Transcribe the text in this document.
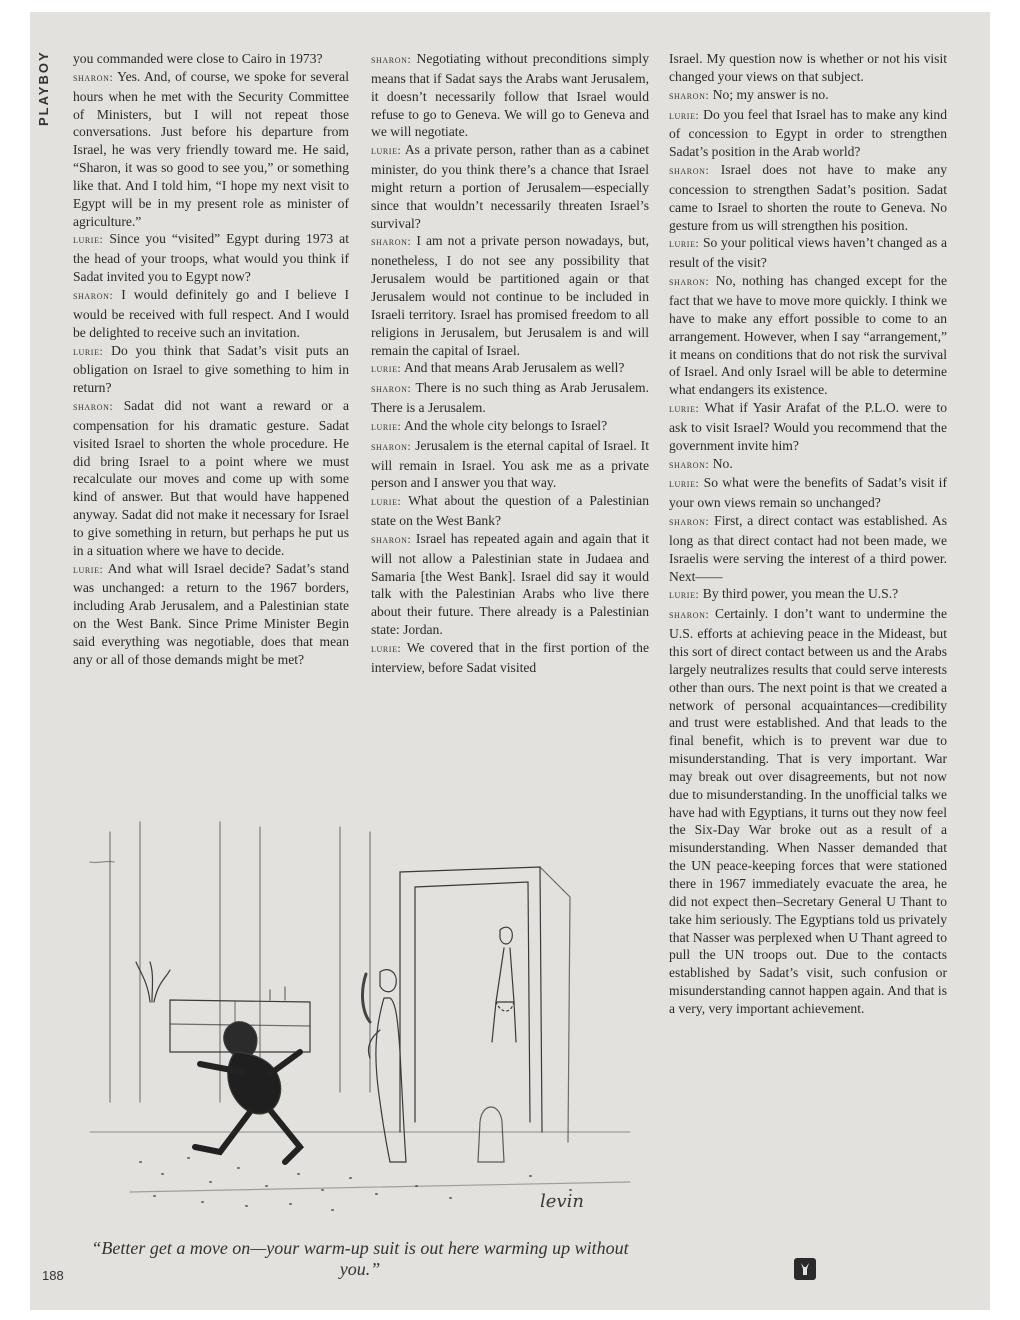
PLAYBOY	you commanded were close to Cairo in 1973?

sharon: Yes. And, of course, we spoke for several hours when he met with the Security Committee of Ministers, but I will not repeat those conversations. Just before his departure from Israel, he was very friendly toward me. He said, “Sharon, it was so good to see you,” or something like that. And I told him, “I hope my next visit to Egypt will be in my present role as minister of agriculture.”

lurie: Since you “visited” Egypt during 1973 at the head of your troops, what would you think if Sadat invited you to Egypt now?

sharon: I would definitely go and I believe I would be received with full respect. And I would be delighted to receive such an invitation.

lurie: Do you think that Sadat’s visit puts an obligation on Israel to give something to him in return?

sharon: Sadat did not want a reward or a compensation for his dramatic gesture. Sadat visited Israel to shorten the whole procedure. He did bring Israel to a point where we must recalculate our moves and come up with some kind of answer. But that would have happened anyway. Sadat did not make it necessary for Israel to give something in return, but perhaps he put us in a situation where we have to decide.

lurie: And what will Israel decide? Sadat’s stand was unchanged: a return to the 1967 borders, including Arab Jerusalem, and a Palestinian state on the West Bank. Since Prime Minister Begin said everything was negotiable, does that mean any or all of those demands might be met?

sharon: Negotiating without preconditions simply means that if Sadat says the Arabs want Jerusalem, it doesn’t necessarily follow that Israel would refuse to go to Geneva. We will go to Geneva and we will negotiate.

lurie: As a private person, rather than as a cabinet minister, do you think there’s a chance that Israel might return a portion of Jerusalem—especially since that wouldn’t necessarily threaten Israel’s survival?

sharon: I am not a private person nowadays, but, nonetheless, I do not see any possibility that Jerusalem would be partitioned again or that Jerusalem would not continue to be included in Israeli territory. Israel has promised freedom to all religions in Jerusalem, but Jerusalem is and will remain the capital of Israel.

lurie: And that means Arab Jerusalem as well?

sharon: There is no such thing as Arab Jerusalem. There is a Jerusalem.

lurie: And the whole city belongs to Israel?

sharon: Jerusalem is the eternal capital of Israel. It will remain in Israel. You ask me as a private person and I answer you that way.

lurie: What about the question of a Palestinian state on the West Bank?

sharon: Israel has repeated again and again that it will not allow a Palestinian state in Judaea and Samaria [the West Bank]. Israel did say it would talk with the Palestinian Arabs who live there about their future. There already is a Palestinian state: Jordan.

lurie: We covered that in the first portion of the interview, before Sadat visited

Israel. My question now is whether or not his visit changed your views on that subject.

sharon: No; my answer is no.

lurie: Do you feel that Israel has to make any kind of concession to Egypt in order to strengthen Sadat’s position in the Arab world?

sharon: Israel does not have to make any concession to strengthen Sadat’s position. Sadat came to Israel to shorten the route to Geneva. No gesture from us will strengthen his position.

lurie: So your political views haven’t changed as a result of the visit?

sharon: No, nothing has changed except for the fact that we have to move more quickly. I think we have to make any effort possible to come to an arrangement. However, when I say “arrangement,” it means on conditions that do not risk the survival of Israel. And only Israel will be able to determine what endangers its existence.

lurie: What if Yasir Arafat of the P.L.O. were to ask to visit Israel? Would you recommend that the government invite him?

sharon: No.

lurie: So what were the benefits of Sadat’s visit if your own views remain so unchanged?

sharon: First, a direct contact was established. As long as that direct contact had not been made, we Israelis were serving the interest of a third power. Next——

lurie: By third power, you mean the U.S.?

sharon: Certainly. I don’t want to undermine the U.S. efforts at achieving peace in the Mideast, but this sort of direct contact between us and the Arabs largely neutralizes results that could serve interests other than ours. The next point is that we created a network of personal acquaintances—credibility and trust were established. And that leads to the final benefit, which is to prevent war due to misunderstanding. That is very important. War may break out over disagreements, but not now due to misunderstanding. In the unofficial talks we have had with Egyptians, it turns out they now feel the Six-Day War broke out as a result of a misunderstanding. When Nasser demanded that the UN peace-keeping forces that were stationed there in 1967 immediately evacuate the area, he did not expect then–Secretary General U Thant to take him seriously. The Egyptians told us privately that Nasser was perplexed when U Thant agreed to pull the UN troops out. Due to the contacts established by Sadat’s visit, such confusion or misunderstanding cannot happen again. And that is a very, very important achievement.

levin
“Better get a move on—your warm-up suit is out here warming up without you.”
188
